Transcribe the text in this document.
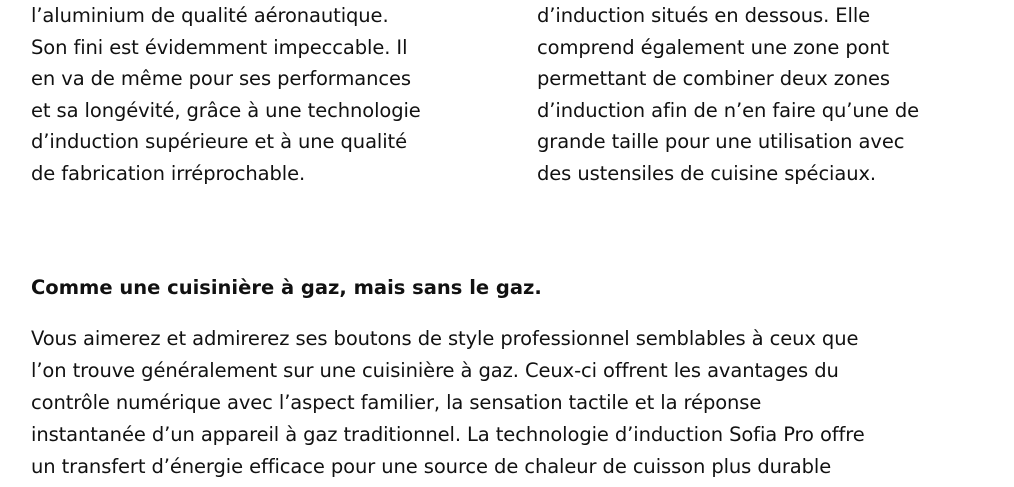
l’aluminium de qualité aéronautique.
Son fini est évidemment impeccable. Il
en va de même pour ses performances
et sa longévité, grâce à une technologie
d’induction supérieure et à une qualité
de fabrication irréprochable.
d’induction situés en dessous. Elle
comprend également une zone pont
permettant de combiner deux zones
d’induction afin de n’en faire qu’une de
grande taille pour une utilisation avec
des ustensiles de cuisine spéciaux.
Comme une cuisinière à gaz, mais sans le gaz.
Vous aimerez et admirerez ses boutons de style professionnel semblables à ceux que
l’on trouve généralement sur une cuisinière à gaz. Ceux-ci offrent les avantages du
contrôle numérique avec l’aspect familier, la sensation tactile et la réponse
instantanée d’un appareil à gaz traditionnel. La technologie d’induction Sofia Pro offre
un transfert d’énergie efficace pour une source de chaleur de cuisson plus durable
